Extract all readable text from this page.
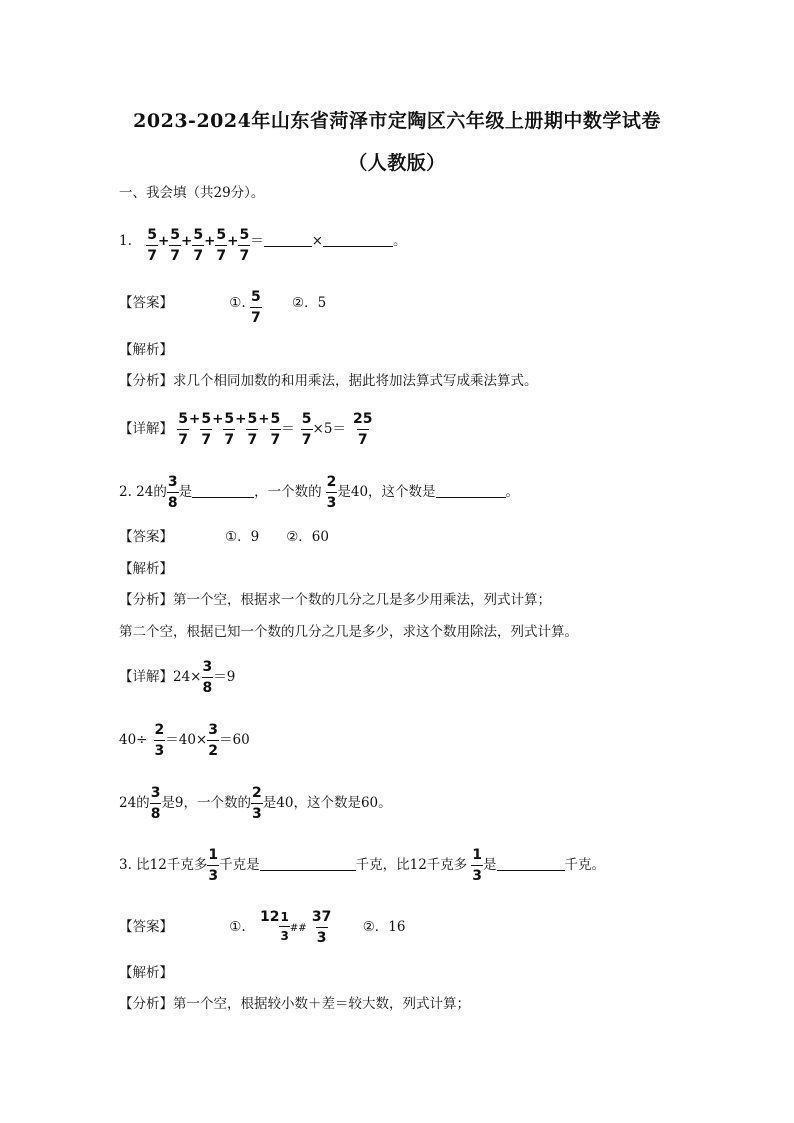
2023-2024年山东省菏泽市定陶区六年级上册期中数学试卷
（人教版）
一、我会填（共29分）。
1. $\frac{5}{7} + \frac{5}{7} + \frac{5}{7} + \frac{5}{7} + \frac{5}{7}$ ＝	×	。
【答案】	①. $\frac{5}{7}$ ②．5
【解析】
【分析】求几个相同加数的和用乘法，据此将加法算式写成乘法算式。
【详解】 $\frac{5}{7} + \frac{5}{7} + \frac{5}{7} + \frac{5}{7} + \frac{5}{7} = \frac{5}{7} \times 5= \frac{25}{7}$
2. 24的 $\frac{3}{8}$ 是	，一个数的 $\frac{2}{3}$ 是40，这个数是	。
【答案】	①．9　　②．60
【解析】
【分析】第一个空，根据求一个数的几分之几是多少用乘法，列式计算；
第二个空，根据已知一个数的几分之几是多少，求这个数用除法，列式计算。
【详解】$24\times \frac{3}{8} =9$
$40\div \frac{2}{3} =40\times \frac{3}{2} =60$
24的 $\frac{3}{8}$ 是9，一个数的 $\frac{2}{3}$ 是40，这个数是60。
3. 比12千克多 $\frac{1}{3}$ 千克是	千克，比12千克多 $\frac{1}{3}$ 是	千克。
【答案】	①. $12 \frac{1}{3} _{\#\#} \frac{37}{3}$ ②．16
【解析】
【分析】第一个空，根据较小数＋差＝较大数，列式计算；
